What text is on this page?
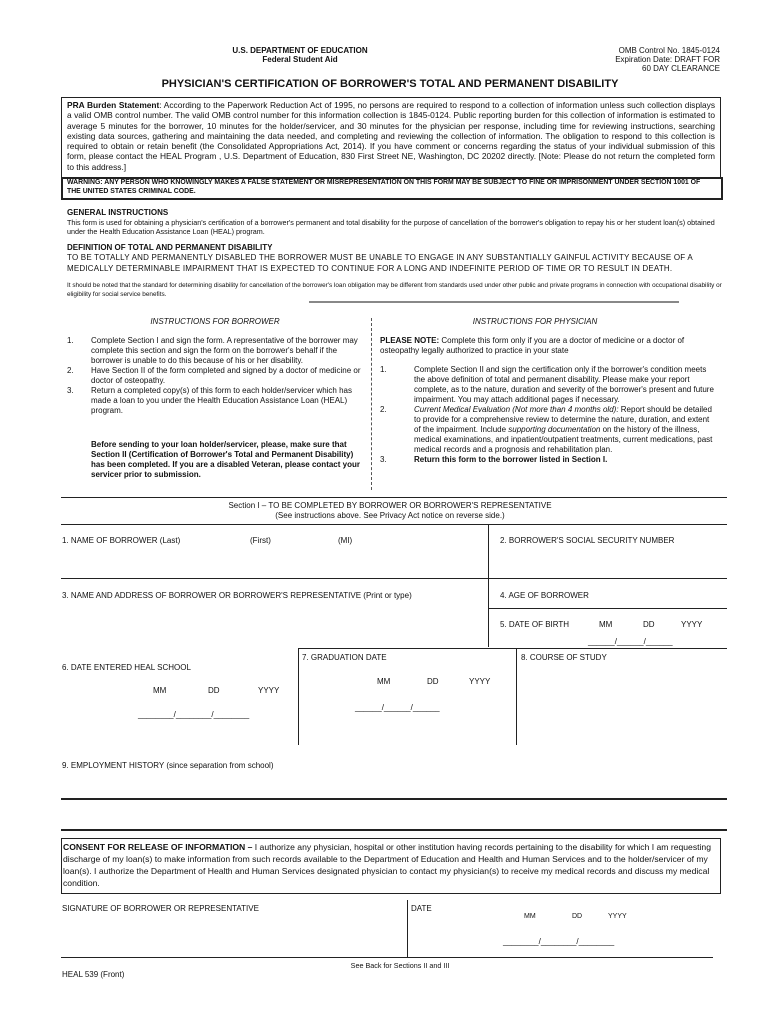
U.S. DEPARTMENT OF EDUCATION
Federal Student Aid
OMB Control No. 1845-0124
Expiration Date: DRAFT FOR
60 DAY CLEARANCE
PHYSICIAN'S CERTIFICATION OF BORROWER'S TOTAL AND PERMANENT DISABILITY
PRA Burden Statement: According to the Paperwork Reduction Act of 1995, no persons are required to respond to a collection of information unless such collection displays a valid OMB control number. The valid OMB control number for this information collection is 1845-0124. Public reporting burden for this collection of information is estimated to average 5 minutes for the borrower, 10 minutes for the holder/servicer, and 30 minutes for the physician per response, including time for reviewing instructions, searching existing data sources, gathering and maintaining the data needed, and completing and reviewing the collection of information. The obligation to respond to this collection is required to obtain or retain benefit (the Consolidated Appropriations Act, 2014). If you have comment or concerns regarding the status of your individual submission of this form, please contact the HEAL Program , U.S. Department of Education, 830 First Street NE, Washington, DC 20202 directly. [Note: Please do not return the completed form to this address.]
WARNING: ANY PERSON WHO KNOWINGLY MAKES A FALSE STATEMENT OR MISREPRESENTATION ON THIS FORM MAY BE SUBJECT TO FINE OR IMPRISONMENT UNDER SECTION 1001 OF THE UNITED STATES CRIMINAL CODE.
GENERAL INSTRUCTIONS
This form is used for obtaining a physician's certification of a borrower's permanent and total disability for the purpose of cancellation of the borrower's obligation to repay his or her student loan(s) obtained under the Health Education Assistance Loan (HEAL) program.
DEFINITION OF TOTAL AND PERMANENT DISABILITY
TO BE TOTALLY AND PERMANENTLY DISABLED THE BORROWER MUST BE UNABLE TO ENGAGE IN ANY SUBSTANTIALLY GAINFUL ACTIVITY BECAUSE OF A MEDICALLY DETERMINABLE IMPAIRMENT THAT IS EXPECTED TO CONTINUE FOR A LONG AND INDEFINITE PERIOD OF TIME OR TO RESULT IN DEATH.
It should be noted that the standard for determining disability for cancellation of the borrower's loan obligation may be different from standards used under other public and private programs in connection with occupational disability or eligibility for social service benefits.
INSTRUCTIONS FOR BORROWER	INSTRUCTIONS FOR PHYSICIAN
1.	Complete Section I and sign the form. A representative of the borrower may complete this section and sign the form on the borrower's behalf if the borrower is unable to do this because of his or her disability.
2.	Have Section II of the form completed and signed by a doctor of medicine or doctor of osteopathy.
3.	Return a completed copy(s) of this form to each holder/servicer which has made a loan to you under the Health Education Assistance Loan (HEAL) program.
Before sending to your loan holder/servicer, please, make sure that Section II (Certification of Borrower's Total and Permanent Disability) has been completed. If you are a disabled Veteran, please contact your servicer prior to submission.
PLEASE NOTE: Complete this form only if you are a doctor of medicine or a doctor of osteopathy legally authorized to practice in your state
1.	Complete Section II and sign the certification only if the borrower's condition meets the above definition of total and permanent disability. Please make your report complete, as to the nature, duration and severity of the borrower's present and future impairment. You may attach additional pages if necessary.
2.	Current Medical Evaluation (Not more than 4 months old): Report should be detailed to provide for a comprehensive review to determine the nature, duration, and extent of the impairment. Include supporting documentation on the history of the illness, medical examinations, and inpatient/outpatient treatments, current medications, past medical records and a prognosis and rehabilitation plan.
3.	Return this form to the borrower listed in Section I.
Section I – TO BE COMPLETED BY BORROWER OR BORROWER'S REPRESENTATIVE
(See instructions above. See Privacy Act notice on reverse side.)
1. NAME OF BORROWER (Last)	(First)	(MI)	2. BORROWER'S SOCIAL SECURITY NUMBER
3. NAME AND ADDRESS OF BORROWER OR BORROWER'S REPRESENTATIVE (Print or type)	4. AGE OF BORROWER
5. DATE OF BIRTH	MM	DD	YYYY
______/______/______
6. DATE ENTERED HEAL SCHOOL
MM	DD	YYYY
________/________/________
7. GRADUATION DATE
MM	DD	YYYY
______/______/______
8. COURSE OF STUDY
9. EMPLOYMENT HISTORY (since separation from school)
CONSENT FOR RELEASE OF INFORMATION – I authorize any physician, hospital or other institution having records pertaining to the disability for which I am requesting discharge of my loan(s) to make information from such records available to the Department of Education and Health and Human Services and to the holder/servicer of my loan(s). I authorize the Department of Health and Human Services designated physician to contact my physician(s) to receive my medical records and discuss my medical condition.
SIGNATURE OF BORROWER OR REPRESENTATIVE	DATE
MM	DD	YYYY
________/________/________
See Back for Sections II and III
HEAL 539 (Front)
